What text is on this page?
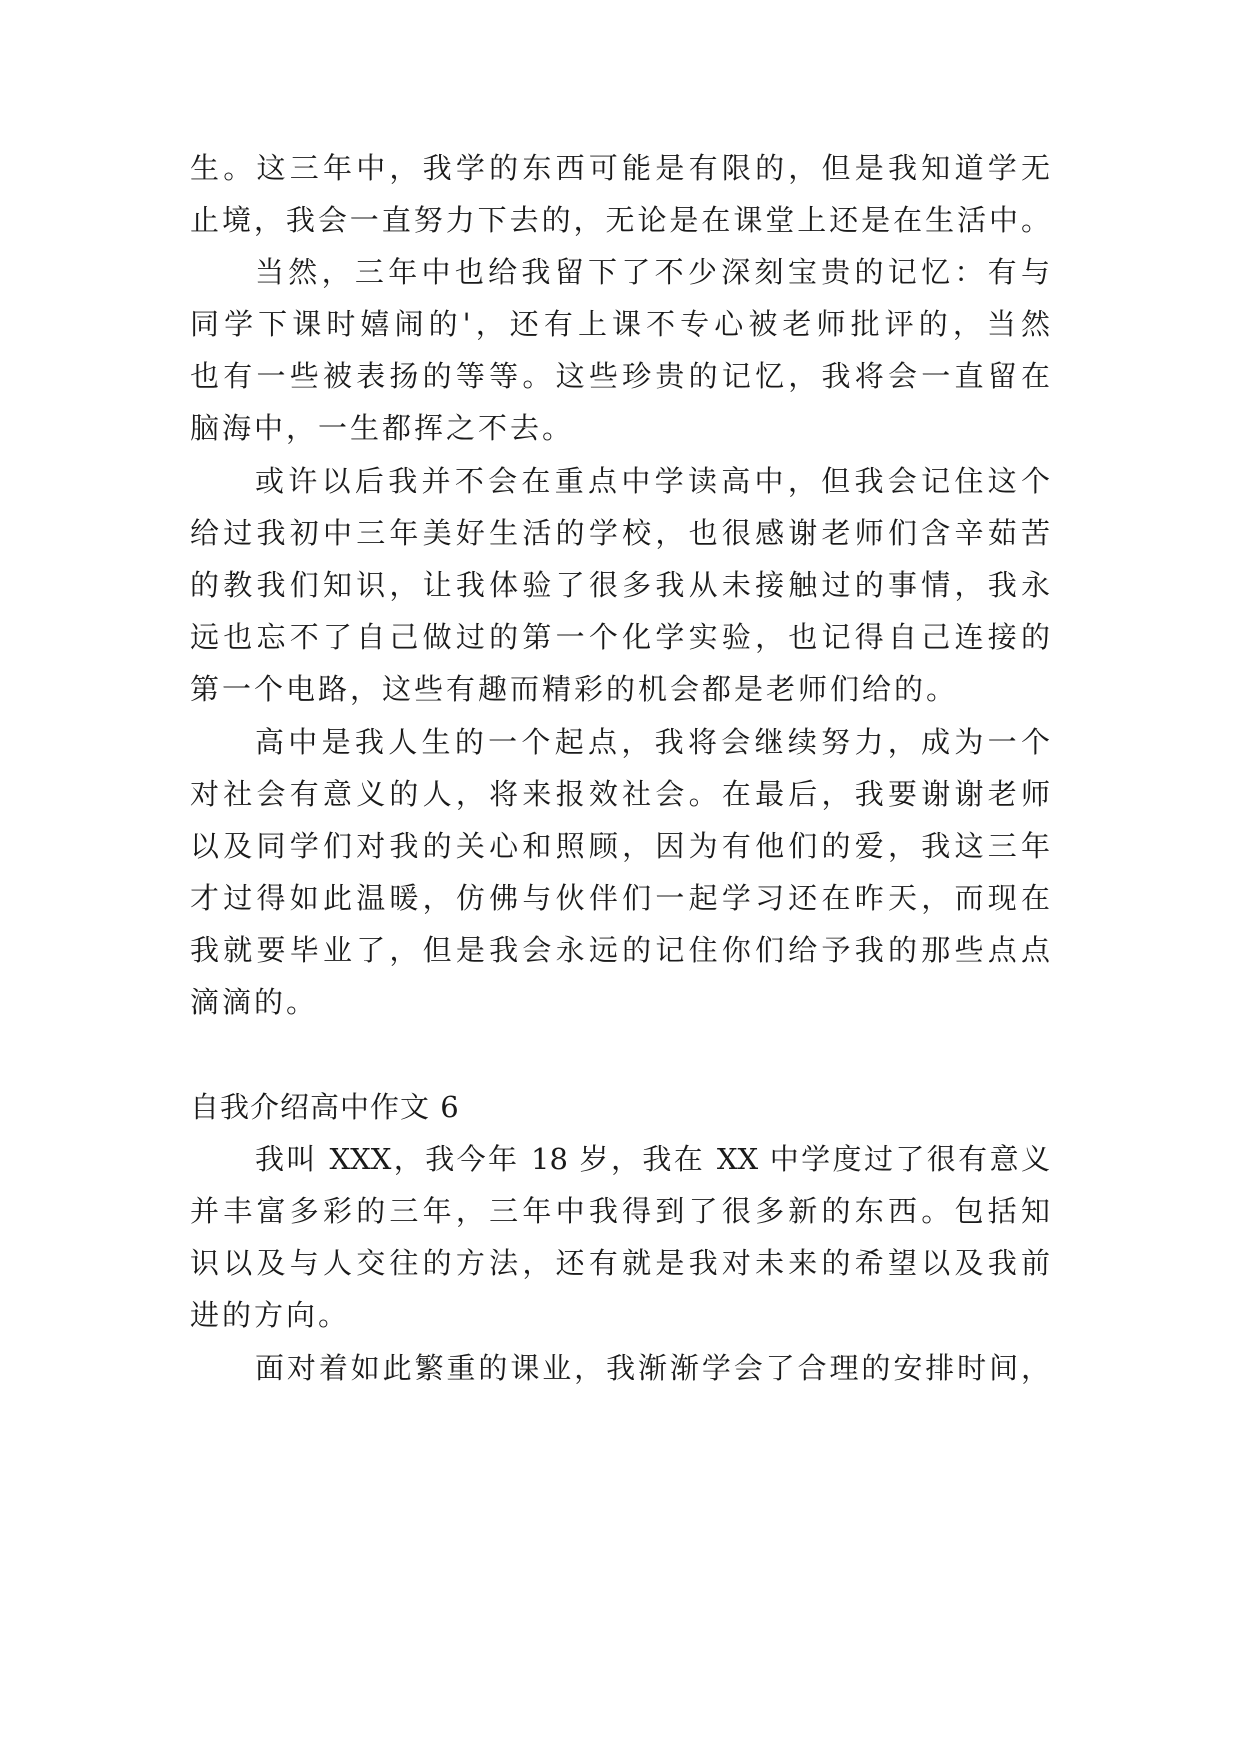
生。这三年中，我学的东西可能是有限的，但是我知道学无
止境，我会一直努力下去的，无论是在课堂上还是在生活中。
当然，三年中也给我留下了不少深刻宝贵的记忆：有与
同学下课时嬉闹的'，还有上课不专心被老师批评的，当然
也有一些被表扬的等等。这些珍贵的记忆，我将会一直留在
脑海中，一生都挥之不去。
或许以后我并不会在重点中学读高中，但我会记住这个
给过我初中三年美好生活的学校，也很感谢老师们含辛茹苦
的教我们知识，让我体验了很多我从未接触过的事情，我永
远也忘不了自己做过的第一个化学实验，也记得自己连接的
第一个电路，这些有趣而精彩的机会都是老师们给的。
高中是我人生的一个起点，我将会继续努力，成为一个
对社会有意义的人，将来报效社会。在最后，我要谢谢老师
以及同学们对我的关心和照顾，因为有他们的爱，我这三年
才过得如此温暖，仿佛与伙伴们一起学习还在昨天，而现在
我就要毕业了，但是我会永远的记住你们给予我的那些点点
滴滴的。
自我介绍高中作文 6
我叫 XXX，我今年 18 岁，我在 XX 中学度过了很有意义
并丰富多彩的三年，三年中我得到了很多新的东西。包括知
识以及与人交往的方法，还有就是我对未来的希望以及我前
进的方向。
面对着如此繁重的课业，我渐渐学会了合理的安排时间，
